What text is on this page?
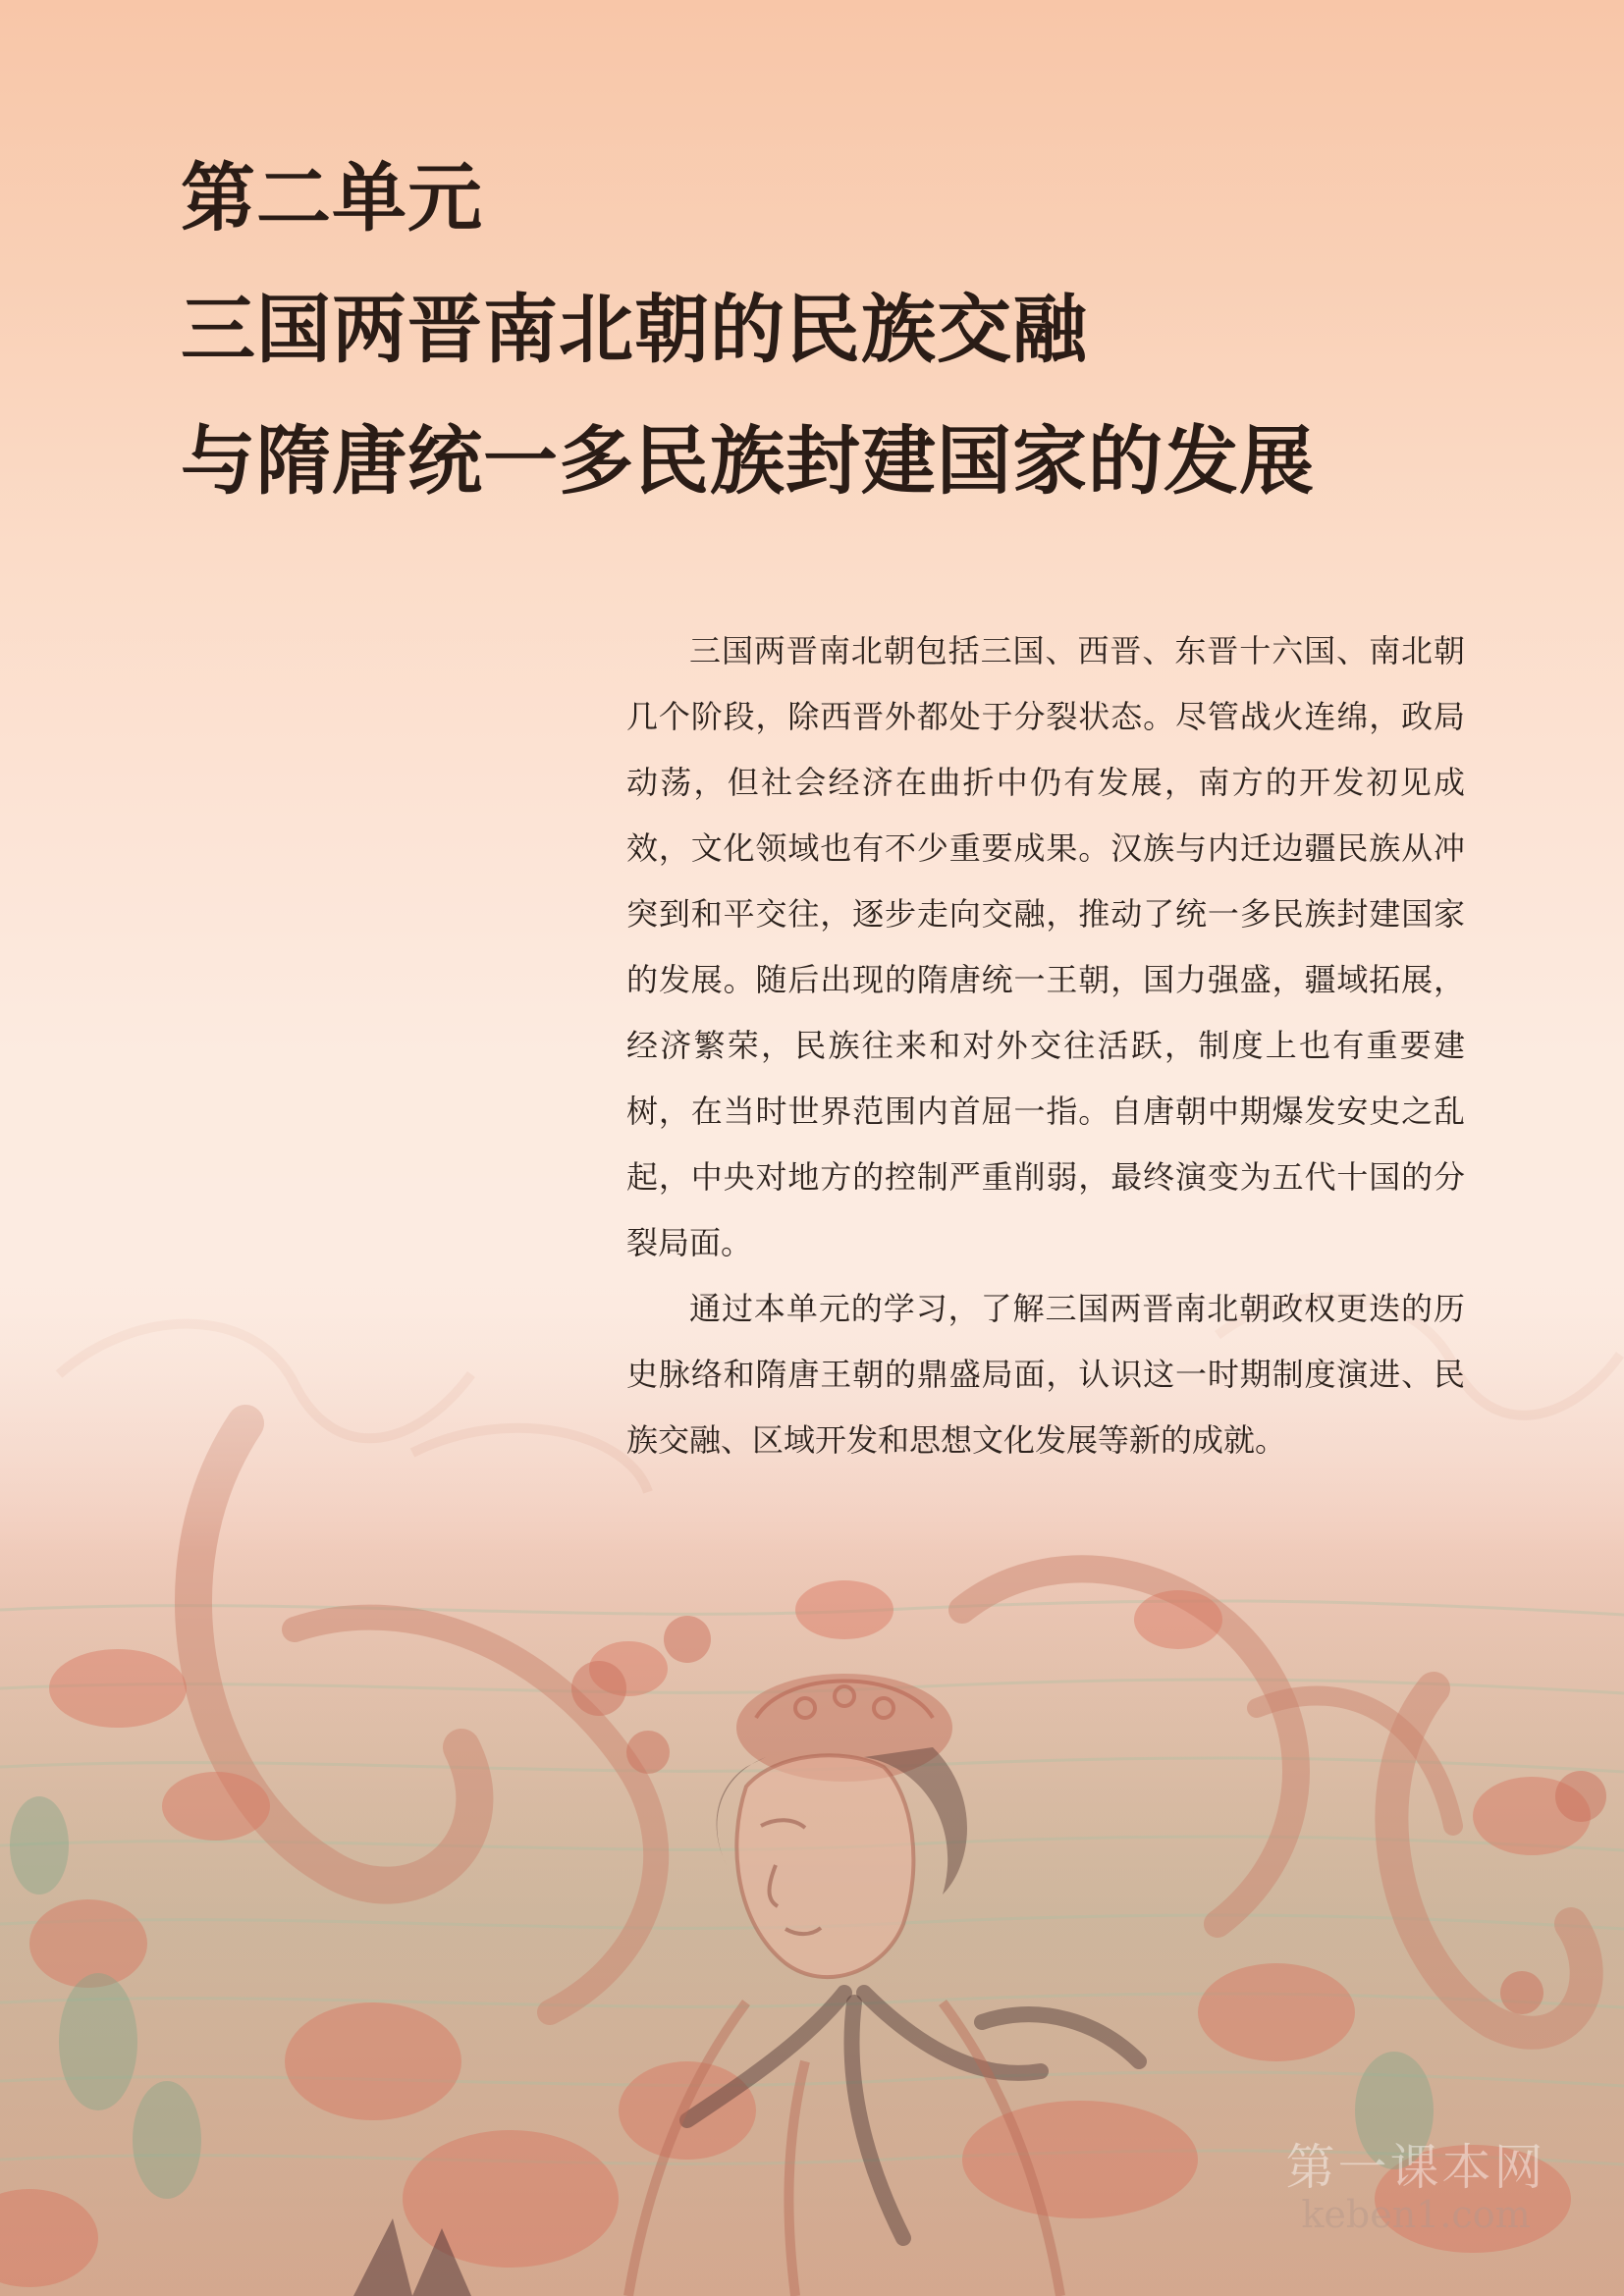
第二单元
三国两晋南北朝的民族交融
与隋唐统一多民族封建国家的发展

三国两晋南北朝包括三国、西晋、东晋十六国、南北朝几个阶段，除西晋外都处于分裂状态。尽管战火连绵，政局动荡，但社会经济在曲折中仍有发展，南方的开发初见成效，文化领域也有不少重要成果。汉族与内迁边疆民族从冲突到和平交往，逐步走向交融，推动了统一多民族封建国家的发展。随后出现的隋唐统一王朝，国力强盛，疆域拓展，经济繁荣，民族往来和对外交往活跃，制度上也有重要建树，在当时世界范围内首屈一指。自唐朝中期爆发安史之乱起，中央对地方的控制严重削弱，最终演变为五代十国的分裂局面。

通过本单元的学习，了解三国两晋南北朝政权更迭的历史脉络和隋唐王朝的鼎盛局面，认识这一时期制度演进、民族交融、区域开发和思想文化发展等新的成就。

第一课本网
keben1.com
